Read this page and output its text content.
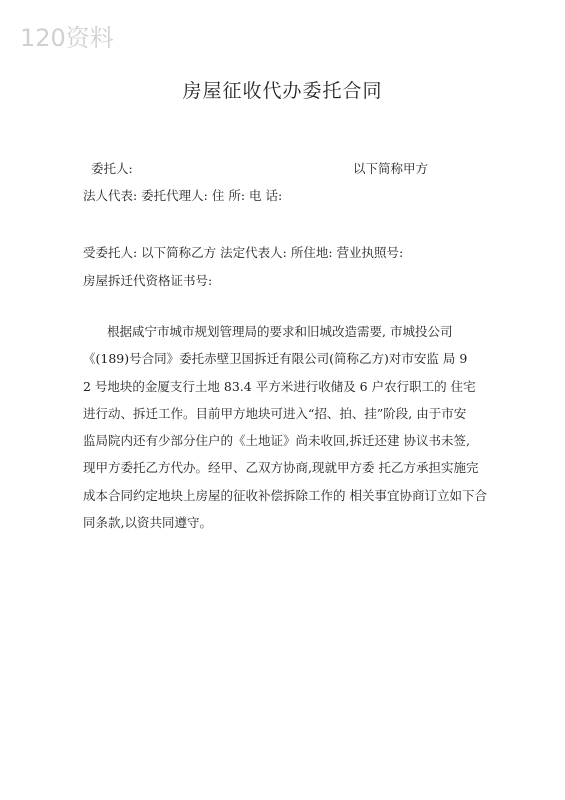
120资料
房屋征收代办委托合同
委托人:	以下简称甲方
法人代表: 委托代理人: 住 所: 电 话:
受委托人: 以下简称乙方 法定代表人: 所住地: 营业执照号:
房屋拆迁代资格证书号:
根据咸宁市城市规划管理局的要求和旧城改造需要, 市城投公司
《(189)号合同》委托赤壁卫国拆迁有限公司(简称乙方)对市安监 局 9
2 号地块的金厦支行土地 83.4 平方米进行收储及 6 户农行职工的 住宅
进行动、拆迁工作。目前甲方地块可进入“招、拍、挂”阶段, 由于市安
监局院内还有少部分住户的《土地证》尚未收回,拆迁还建 协议书未签,
现甲方委托乙方代办。经甲、乙双方协商,现就甲方委 托乙方承担实施完
成本合同约定地块上房屋的征收补偿拆除工作的 相关事宜协商订立如下合
同条款,以资共同遵守。
